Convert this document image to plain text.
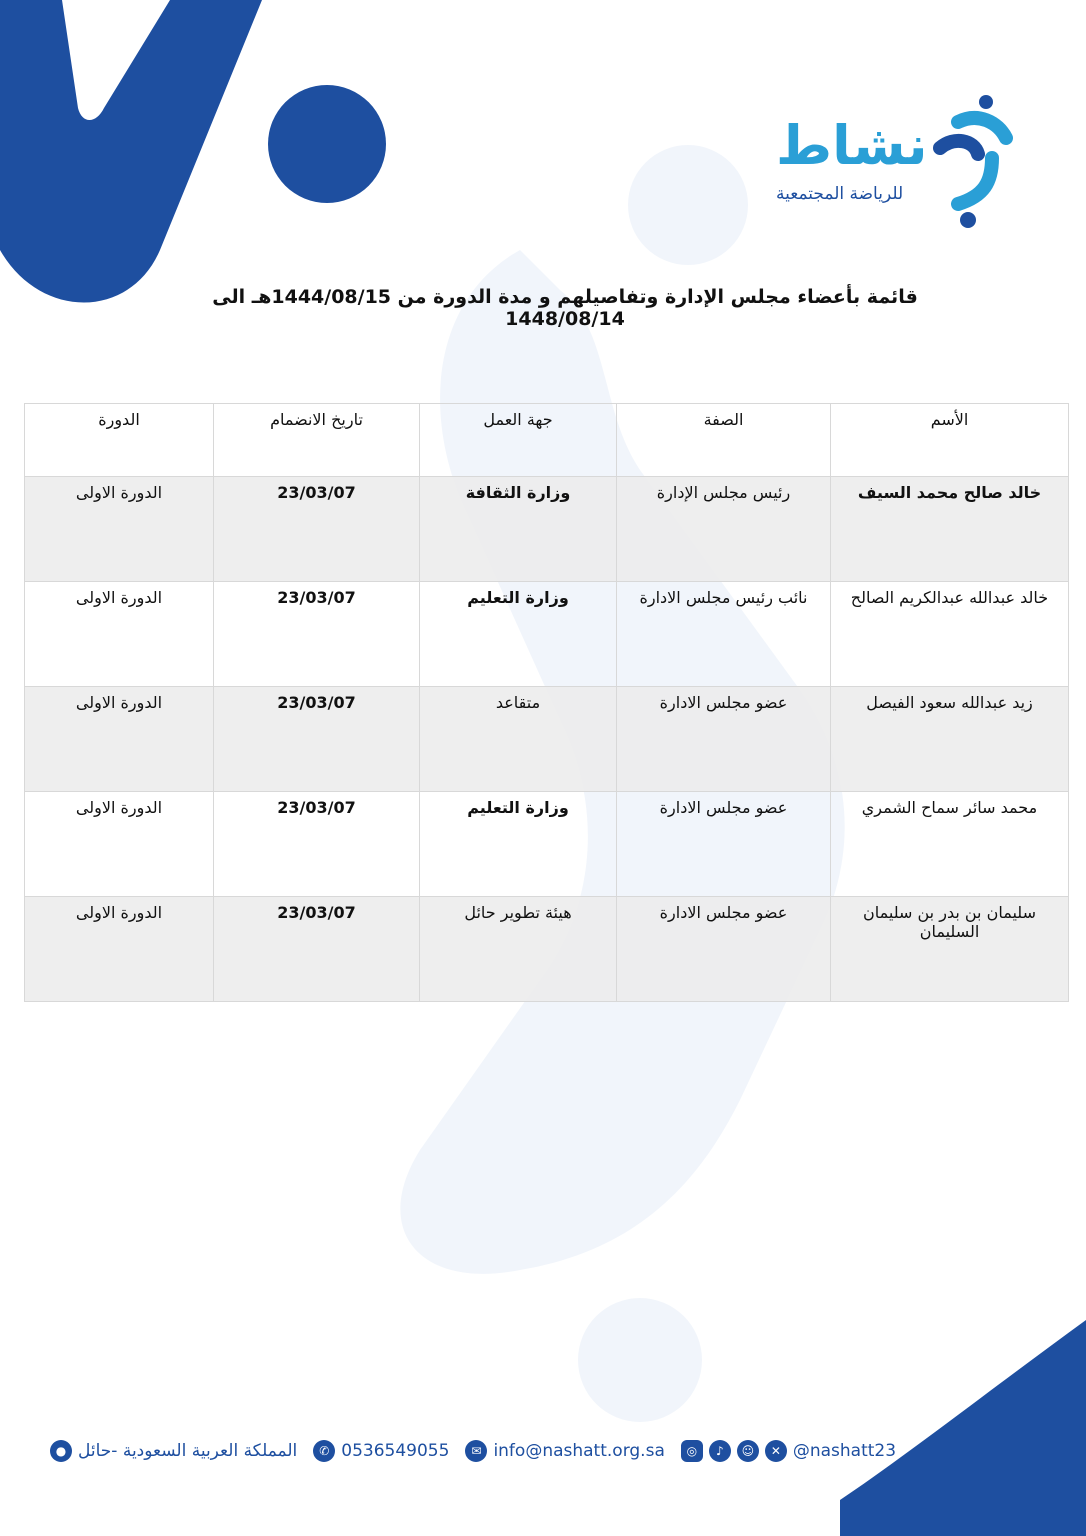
نشاط
للرياضة المجتمعية
قائمة بأعضاء مجلس الإدارة وتفاصيلهم و مدة الدورة من 1444/08/15هـ الى 1448/08/14
الأسم	الصفة	جهة العمل	تاريخ الانضمام	الدورة
خالد صالح محمد السيف	رئيس مجلس الإدارة	وزارة الثقافة	23/03/07	الدورة الاولى
خالد عبدالله عبدالكريم الصالح	نائب رئيس مجلس الادارة	وزارة التعليم	23/03/07	الدورة الاولى
زيد عبدالله سعود الفيصل	عضو مجلس الادارة	متقاعد	23/03/07	الدورة الاولى
محمد سائر سماح الشمري	عضو مجلس الادارة	وزارة التعليم	23/03/07	الدورة الاولى
سليمان بن بدر بن سليمان السليمان	عضو مجلس الادارة	هيئة تطوير حائل	23/03/07	الدورة الاولى
● المملكة العربية السعودية -حائل	✆ 0536549055	✉ info@nashatt.org.sa	◎	♪	☺	✕ @nashatt23
